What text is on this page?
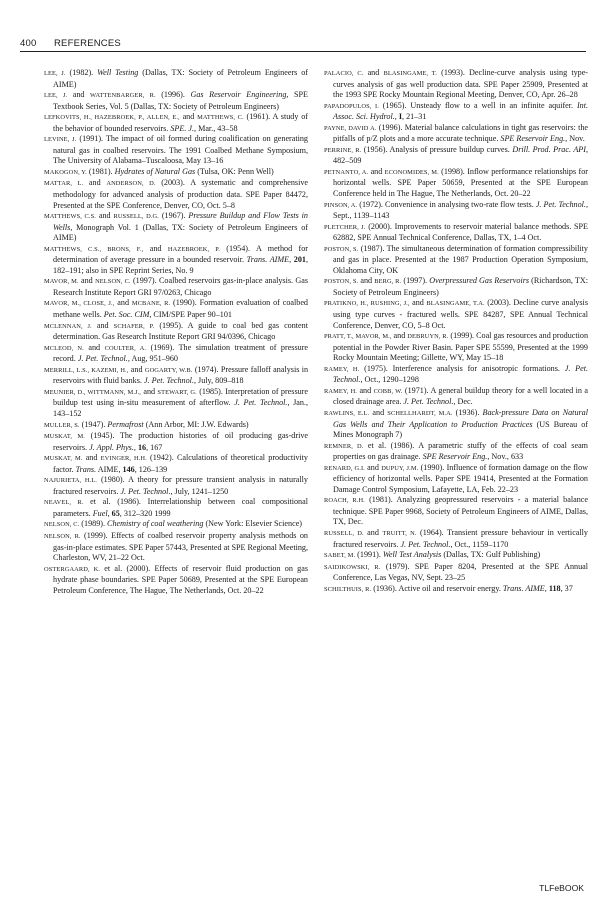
400 REFERENCES

LEE, J. (1982). Well Testing (Dallas, TX: Society of Petroleum Engineers of AIME)

LEE, J. and WATTENBARGER, R. (1996). Gas Reservoir Engineering, SPE Textbook Series, Vol. 5 (Dallas, TX: Society of Petroleum Engineers)

LEFKOVITS, H., HAZEBROEK, P., ALLEN, E., and MATTHEWS, C. (1961). A study of the behavior of bounded reservoirs. SPE. J., Mar., 43–58

LEVINE, J. (1991). The impact of oil formed during coalification on generating natural gas in coalbed reservoirs. The 1991 Coalbed Methane Symposium, The University of Alabama–Tuscaloosa, May 13–16

MAKOGON, Y. (1981). Hydrates of Natural Gas (Tulsa, OK: Penn Well)

MATTAR, L. and ANDERSON, D. (2003). A systematic and comprehensive methodology for advanced analysis of production data. SPE Paper 84472, Presented at the SPE Conference, Denver, CO, Oct. 5–8

MATTHEWS, C.S. and RUSSELL, D.G. (1967). Pressure Buildup and Flow Tests in Wells, Monograph Vol. 1 (Dallas, TX: Society of Petroleum Engineers of AIME)

MATTHEWS, C.S., BRONS, F., and HAZEBROEK, P. (1954). A method for determination of average pressure in a bounded reservoir. Trans. AIME, 201, 182–191; also in SPE Reprint Series, No. 9

MAVOR, M. and NELSON, C. (1997). Coalbed reservoirs gas-in-place analysis. Gas Research Institute Report GRI 97/0263, Chicago

MAVOR, M., CLOSE, J., and MCBANE, R. (1990). Formation evaluation of coalbed methane wells. Pet. Soc. CIM, CIM/SPE Paper 90–101

MCLENNAN, J. and SCHAFER, P. (1995). A guide to coal bed gas content determination. Gas Research Institute Report GRI 94/0396, Chicago

MCLEOD, N. and COULTER, A. (1969). The simulation treatment of pressure record. J. Pet. Technol., Aug, 951–960

MERRILL, L.S., KAZEMI, H., and GOGARTY, W.B. (1974). Pressure falloff analysis in reservoirs with fluid banks. J. Pet. Technol., July, 809–818

MEUNIER, D., WITTMANN, M.J., and STEWART, G. (1985). Interpretation of pressure buildup test using in-situ measurement of afterflow. J. Pet. Technol., Jan., 143–152

MULLER, S. (1947). Permafrost (Ann Arbor, MI: J.W. Edwards)

MUSKAT, M. (1945). The production histories of oil producing gas-drive reservoirs. J. Appl. Phys., 16, 167

MUSKAT, M. and EVINGER, H.H. (1942). Calculations of theoretical productivity factor. Trans. AIME, 146, 126–139

NAJURIETA, H.L. (1980). A theory for pressure transient analysis in naturally fractured reservoirs. J. Pet. Technol., July, 1241–1250

NEAVEL, R. et al. (1986). Interrelationship between coal compositional parameters. Fuel, 65, 312–320 1999

NELSON, C. (1989). Chemistry of coal weathering (New York: Elsevier Science)

NELSON, R. (1999). Effects of coalbed reservoir property analysis methods on gas-in-place estimates. SPE Paper 57443, Presented at SPE Regional Meeting, Charleston, WV, 21–22 Oct.

OSTERGAARD, K. et al. (2000). Effects of reservoir fluid production on gas hydrate phase boundaries. SPE Paper 50689, Presented at the SPE European Petroleum Conference, The Hague, The Netherlands, Oct. 20–22

PALACIO, C. and BLASINGAME, T. (1993). Decline-curve analysis using type-curves analysis of gas well production data. SPE Paper 25909, Presented at the 1993 SPE Rocky Mountain Regional Meeting, Denver, CO, Apr. 26–28

PAPADOPULOS, I. (1965). Unsteady flow to a well in an infinite aquifer. Int. Assoc. Sci. Hydrol., I, 21–31

PAYNE, DAVID A. (1996). Material balance calculations in tight gas reservoirs: the pitfalls of p/Z plots and a more accurate technique. SPE Reservoir Eng., Nov.

PERRINE, R. (1956). Analysis of pressure buildup curves. Drill. Prod. Prac. API, 482–509

PETNANTO, A. and ECONOMIDES, M. (1998). Inflow performance relationships for horizontal wells. SPE Paper 50659, Presented at the SPE European Conference held in The Hague, The Netherlands, Oct. 20–22

PINSON, A. (1972). Convenience in analysing two-rate flow tests. J. Pet. Technol., Sept., 1139–1143

PLETCHER, J. (2000). Improvements to reservoir material balance methods. SPE 62882, SPE Annual Technical Conference, Dallas, TX, 1–4 Oct.

POSTON, S. (1987). The simultaneous determination of formation compressibility and gas in place. Presented at the 1987 Production Operation Symposium, Oklahoma City, OK

POSTON, S. and BERG, R. (1997). Overpressured Gas Reservoirs (Richardson, TX: Society of Petroleum Engineers)

PRATIKNO, H., RUSHING, J., and BLASINGAME, T.A. (2003). Decline curve analysis using type curves - fractured wells. SPE 84287, SPE Annual Technical Conference, Denver, CO, 5–8 Oct.

PRATT, T., MAVOR, M., and DEBRUYN, R. (1999). Coal gas resources and production potential in the Powder River Basin. Paper SPE 55599, Presented at the 1999 Rocky Mountain Meeting; Gillette, WY, May 15–18

RAMEY, H. (1975). Interference analysis for anisotropic formations. J. Pet. Technol., Oct., 1290–1298

RAMEY, H. and COBB, W. (1971). A general buildup theory for a well located in a closed drainage area. J. Pet. Technol., Dec.

RAWLINS, E.L. and SCHELLHARDT, M.A. (1936). Back-pressure Data on Natural Gas Wells and Their Application to Production Practices (US Bureau of Mines Monograph 7)

REMNER, D. et al. (1986). A parametric stuffy of the effects of coal seam properties on gas drainage. SPE Reservoir Eng., Nov., 633

RENARD, G.I. and DUPUY, J.M. (1990). Influence of formation damage on the flow efficiency of horizontal wells. Paper SPE 19414, Presented at the Formation Damage Control Symposium, Lafayette, LA, Feb. 22–23

ROACH, R.H. (1981). Analyzing geopressured reservoirs - a material balance technique. SPE Paper 9968, Society of Petroleum Engineers of AIME, Dallas, TX, Dec.

RUSSELL, D. and TRUITT, N. (1964). Transient pressure behaviour in vertically fractured reservoirs. J. Pet. Technol., Oct., 1159–1170

SABET, M. (1991). Well Test Analysis (Dallas, TX: Gulf Publishing)

SAIDIKOWSKI, R. (1979). SPE Paper 8204, Presented at the SPE Annual Conference, Las Vegas, NV, Sept. 23–25

SCHILTHUIS, R. (1936). Active oil and reservoir energy. Trans. AIME, 118, 37

TLFeBOOK
